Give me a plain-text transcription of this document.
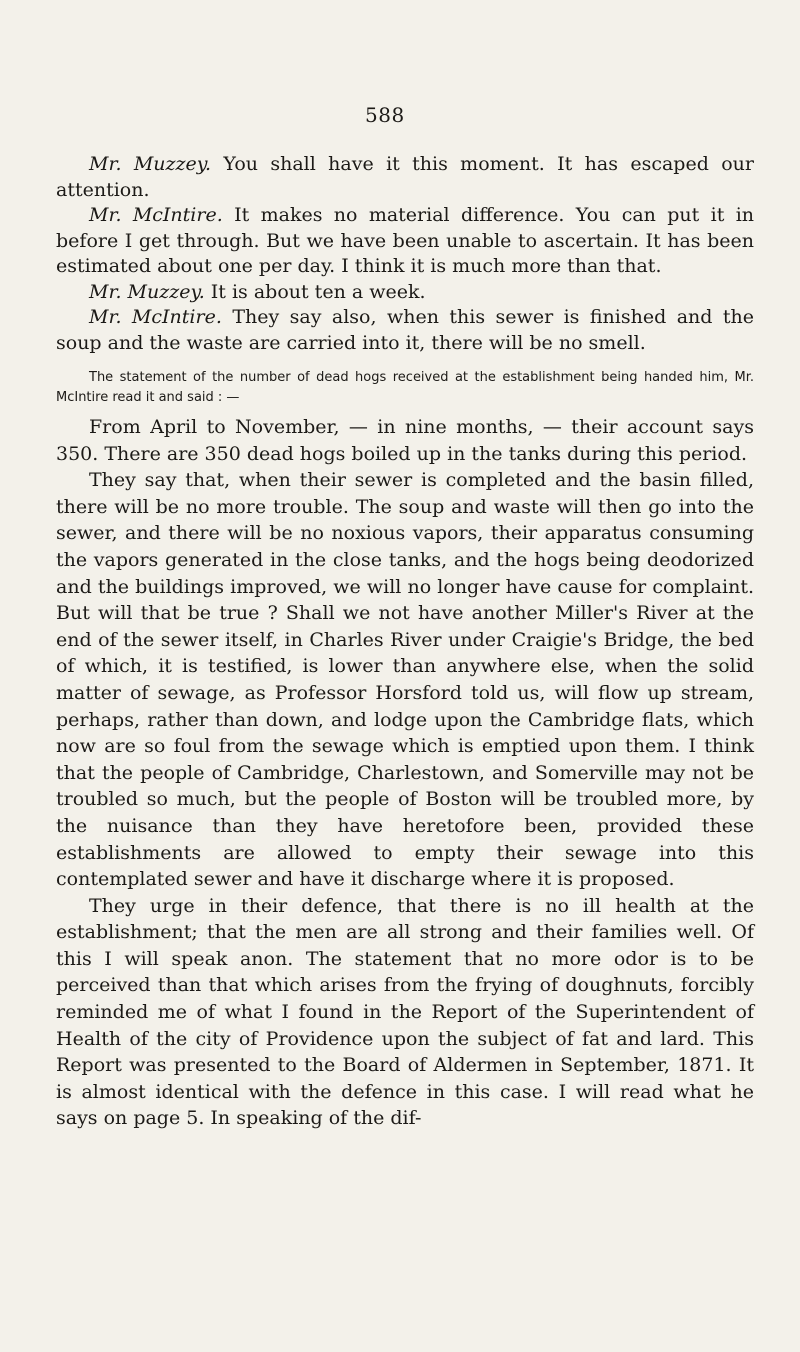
588

Mr. Muzzey. You shall have it this moment. It has escaped our attention.

Mr. McIntire. It makes no material difference. You can put it in before I get through. But we have been unable to ascertain. It has been estimated about one per day. I think it is much more than that.

Mr. Muzzey. It is about ten a week.

Mr. McIntire. They say also, when this sewer is finished and the soup and the waste are carried into it, there will be no smell.

The statement of the number of dead hogs received at the establishment being handed him, Mr. McIntire read it and said : —

From April to November, — in nine months, — their account says 350. There are 350 dead hogs boiled up in the tanks during this period.

They say that, when their sewer is completed and the basin filled, there will be no more trouble. The soup and waste will then go into the sewer, and there will be no noxious vapors, their apparatus consuming the vapors generated in the close tanks, and the hogs being deodorized and the buildings improved, we will no longer have cause for complaint. But will that be true ? Shall we not have another Miller's River at the end of the sewer itself, in Charles River under Craigie's Bridge, the bed of which, it is testified, is lower than anywhere else, when the solid matter of sewage, as Professor Horsford told us, will flow up stream, perhaps, rather than down, and lodge upon the Cambridge flats, which now are so foul from the sewage which is emptied upon them. I think that the people of Cambridge, Charlestown, and Somerville may not be troubled so much, but the people of Boston will be troubled more, by the nuisance than they have heretofore been, provided these establishments are allowed to empty their sewage into this contemplated sewer and have it discharge where it is proposed.

They urge in their defence, that there is no ill health at the establishment; that the men are all strong and their families well. Of this I will speak anon. The statement that no more odor is to be perceived than that which arises from the frying of doughnuts, forcibly reminded me of what I found in the Report of the Superintendent of Health of the city of Providence upon the subject of fat and lard. This Report was presented to the Board of Aldermen in September, 1871. It is almost identical with the defence in this case. I will read what he says on page 5. In speaking of the dif-
